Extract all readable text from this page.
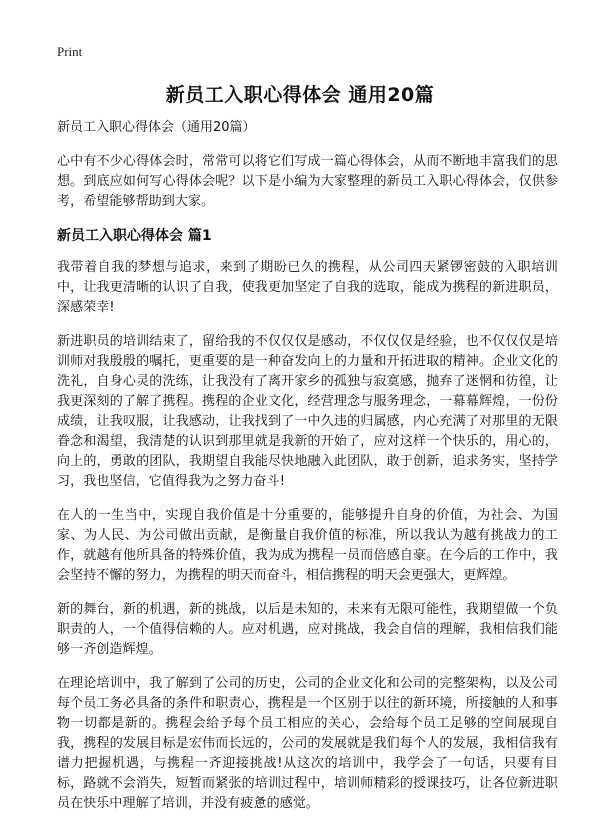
Print
新员工入职心得体会 通用20篇
新员工入职心得体会（通用20篇）

心中有不少心得体会时，常常可以将它们写成一篇心得体会，从而不断地丰富我们的思想。到底应如何写心得体会呢？以下是小编为大家整理的新员工入职心得体会，仅供参考，希望能够帮助到大家。

新员工入职心得体会 篇1

我带着自我的梦想与追求，来到了期盼已久的携程，从公司四天紧锣密鼓的入职培训中，让我更清晰的认识了自我，使我更加坚定了自我的选取，能成为携程的新进职员，深感荣幸!

新进职员的培训结束了，留给我的不仅仅仅是感动，不仅仅仅是经验，也不仅仅仅是培训师对我殷殷的嘱托，更重要的是一种奋发向上的力量和开拓进取的精神。企业文化的洗礼，自身心灵的洗练，让我没有了离开家乡的孤独与寂寞感，抛弃了迷惘和彷徨，让我更深刻的了解了携程。携程的企业文化，经营理念与服务理念，一幕幕辉煌，一份份成绩，让我叹服，让我感动，让我找到了一中久违的归属感，内心充满了对那里的无限眷念和渴望，我清楚的认识到那里就是我新的开始了，应对这样一个快乐的，用心的，向上的，勇敢的团队，我期望自我能尽快地融入此团队，敢于创新，追求务实，坚持学习，我也坚信，它值得我为之努力奋斗!

在人的一生当中，实现自我价值是十分重要的，能够提升自身的价值，为社会、为国家、为人民、为公司做出贡献，是衡量自我价值的标准，所以我认为越有挑战力的工作，就越有他所具备的特殊价值，我为成为携程一员而倍感自豪。在今后的工作中，我会坚持不懈的努力，为携程的明天而奋斗，相信携程的明天会更强大，更辉煌。

新的舞台，新的机遇，新的挑战，以后是未知的，未来有无限可能性，我期望做一个负职责的人，一个值得信赖的人。应对机遇，应对挑战，我会自信的理解，我相信我们能够一齐创造辉煌。

在理论培训中，我了解到了公司的历史，公司的企业文化和公司的完整架构，以及公司每个员工务必具备的条件和职责心，携程是一个区别于以往的新环境，所接触的人和事物一切都是新的。携程会给予每个员工相应的关心，会给每个员工足够的空间展现自我，携程的发展目标是宏伟而长远的，公司的发展就是我们每个人的发展，我相信我有谱力把握机遇，与携程一齐迎接挑战!从这次的培训中，我学会了一句话，只要有目标，路就不会消失，短暂而紧张的培训过程中，培训师精彩的授课技巧，让各位新进职员在快乐中理解了培训，并没有疲惫的感觉。
